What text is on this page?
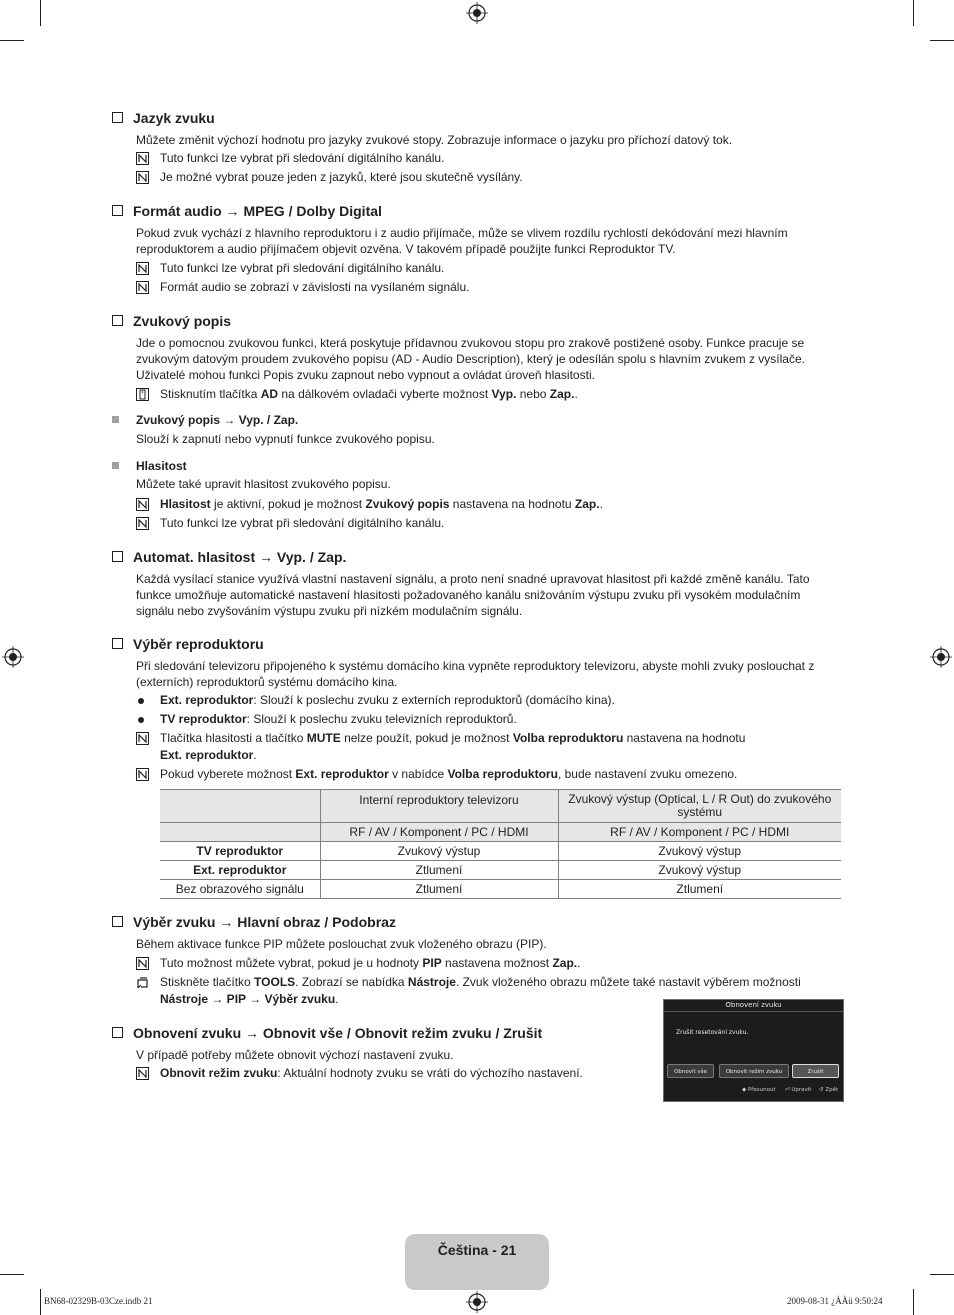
Jazyk zvuku
Můžete změnit výchozí hodnotu pro jazyky zvukové stopy. Zobrazuje informace o jazyku pro příchozí datový tok.
Tuto funkci lze vybrat při sledování digitálního kanálu.
Je možné vybrat pouze jeden z jazyků, které jsou skutečně vysílány.
Formát audio → MPEG / Dolby Digital
Pokud zvuk vychází z hlavního reproduktoru i z audio přijímače, může se vlivem rozdílu rychlostí dekódování mezi hlavním reproduktorem a audio přijímačem objevit ozvěna. V takovém případě použijte funkci Reproduktor TV.
Tuto funkci lze vybrat při sledování digitálního kanálu.
Formát audio se zobrazí v závislosti na vysílaném signálu.
Zvukový popis
Jde o pomocnou zvukovou funkci, která poskytuje přídavnou zvukovou stopu pro zrakově postižené osoby. Funkce pracuje se zvukovým datovým proudem zvukového popisu (AD - Audio Description), který je odesílán spolu s hlavním zvukem z vysílače. Uživatelé mohou funkci Popis zvuku zapnout nebo vypnout a ovládat úroveň hlasitosti.
Stisknutím tlačítka AD na dálkovém ovladači vyberte možnost Vyp. nebo Zap..
Zvukový popis → Vyp. / Zap.
Slouží k zapnutí nebo vypnutí funkce zvukového popisu.
Hlasitost
Můžete také upravit hlasitost zvukového popisu.
Hlasitost je aktivní, pokud je možnost Zvukový popis nastavena na hodnotu Zap..
Tuto funkci lze vybrat při sledování digitálního kanálu.
Automat. hlasitost → Vyp. / Zap.
Každá vysílací stanice využívá vlastní nastavení signálu, a proto není snadné upravovat hlasitost při každé změně kanálu. Tato funkce umožňuje automatické nastavení hlasitosti požadovaného kanálu snižováním výstupu zvuku při vysokém modulačním signálu nebo zvyšováním výstupu zvuku při nízkém modulačním signálu.
Výběr reproduktoru
Při sledování televizoru připojeného k systému domácího kina vypněte reproduktory televizoru, abyste mohli zvuky poslouchat z (externích) reproduktorů systému domácího kina.
Ext. reproduktor: Slouží k poslechu zvuku z externích reproduktorů (domácího kina).
TV reproduktor: Slouží k poslechu zvuku televizních reproduktorů.
Tlačítka hlasitosti a tlačítko MUTE nelze použít, pokud je možnost Volba reproduktoru nastavena na hodnotu
Ext. reproduktor.
Pokud vyberete možnost Ext. reproduktor v nabídce Volba reproduktoru, bude nastavení zvuku omezeno.
	Interní reproduktory televizoru	Zvukový výstup (Optical, L / R Out) do zvukového systému
	RF / AV / Komponent / PC / HDMI	RF / AV / Komponent / PC / HDMI
TV reproduktor	Zvukový výstup	Zvukový výstup
Ext. reproduktor	Ztlumení	Zvukový výstup
Bez obrazového signálu	Ztlumení	Ztlumení
Výběr zvuku → Hlavní obraz / Podobraz
Během aktivace funkce PIP můžete poslouchat zvuk vloženého obrazu (PIP).
Tuto možnost můžete vybrat, pokud je u hodnoty PIP nastavena možnost Zap..
Stiskněte tlačítko TOOLS. Zobrazí se nabídka Nástroje. Zvuk vloženého obrazu můžete také nastavit výběrem možnosti
Nástroje → PIP → Výběr zvuku.
Obnovení zvuku → Obnovit vše / Obnovit režim zvuku / Zrušit
V případě potřeby můžete obnovit výchozí nastavení zvuku.
Obnovit režim zvuku: Aktuální hodnoty zvuku se vrátí do výchozího nastavení.
Obnovení zvuku
Zrušit resetování zvuku.
Obnovit vše	Obnovit režim zvuku	Zrušit
◆ Přesunout ⏎ Upravit ↺ Zpět
Čeština - 21
BN68-02329B-03Cze.indb 21	2009-08-31 ¿ÀÀü 9:50:24
